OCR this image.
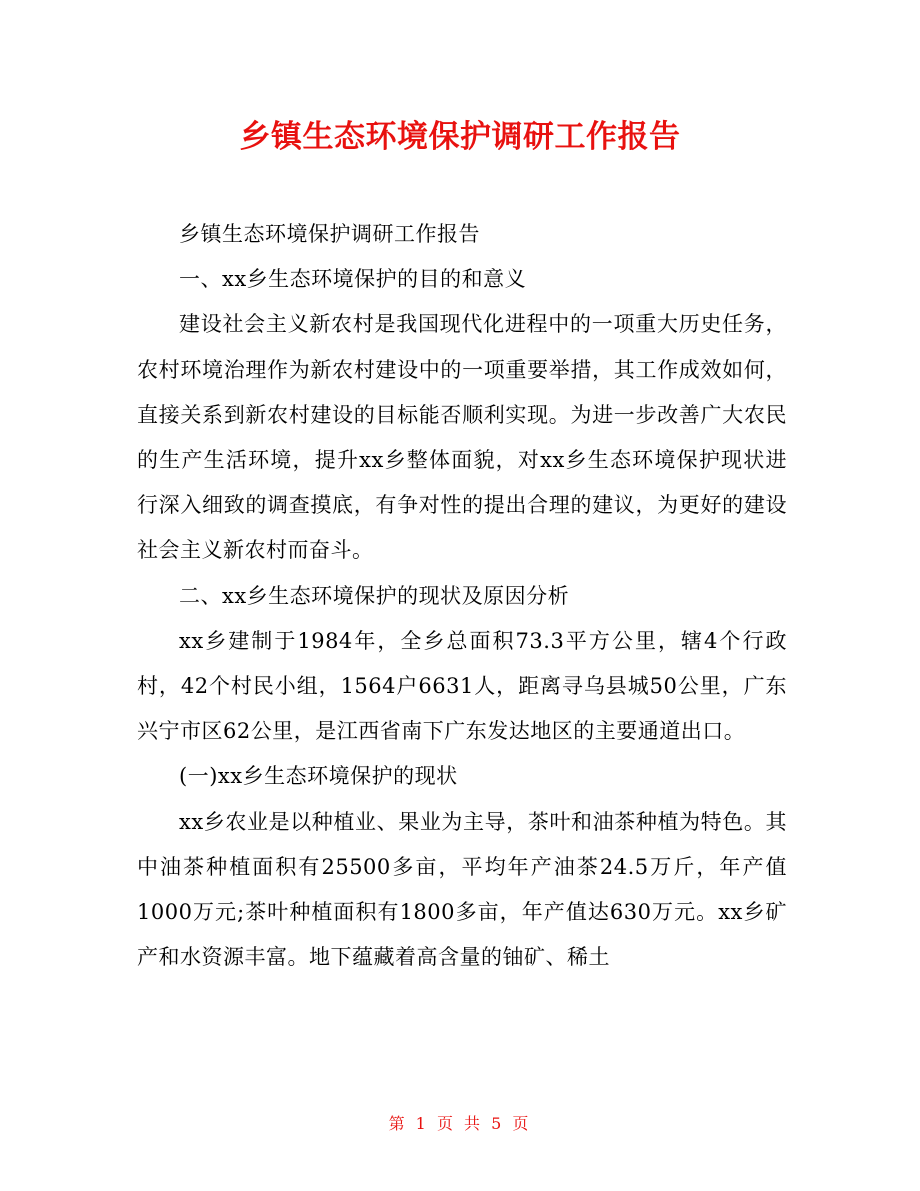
乡镇生态环境保护调研工作报告

乡镇生态环境保护调研工作报告

一、xx乡生态环境保护的目的和意义

建设社会主义新农村是我国现代化进程中的一项重大历史任务，农村环境治理作为新农村建设中的一项重要举措，其工作成效如何，直接关系到新农村建设的目标能否顺利实现。为进一步改善广大农民的生产生活环境，提升xx乡整体面貌，对xx乡生态环境保护现状进行深入细致的调查摸底，有争对性的提出合理的建议，为更好的建设社会主义新农村而奋斗。

二、xx乡生态环境保护的现状及原因分析

xx乡建制于1984年，全乡总面积73.3平方公里，辖4个行政村，42个村民小组，1564户6631人，距离寻乌县城50公里，广东兴宁市区62公里，是江西省南下广东发达地区的主要通道出口。

(一)xx乡生态环境保护的现状

xx乡农业是以种植业、果业为主导，茶叶和油茶种植为特色。其中油茶种植面积有25500多亩，平均年产油茶24.5万斤，年产值1000万元;茶叶种植面积有1800多亩，年产值达630万元。xx乡矿产和水资源丰富。地下蕴藏着高含量的铀矿、稀土

第 1 页 共 5 页
